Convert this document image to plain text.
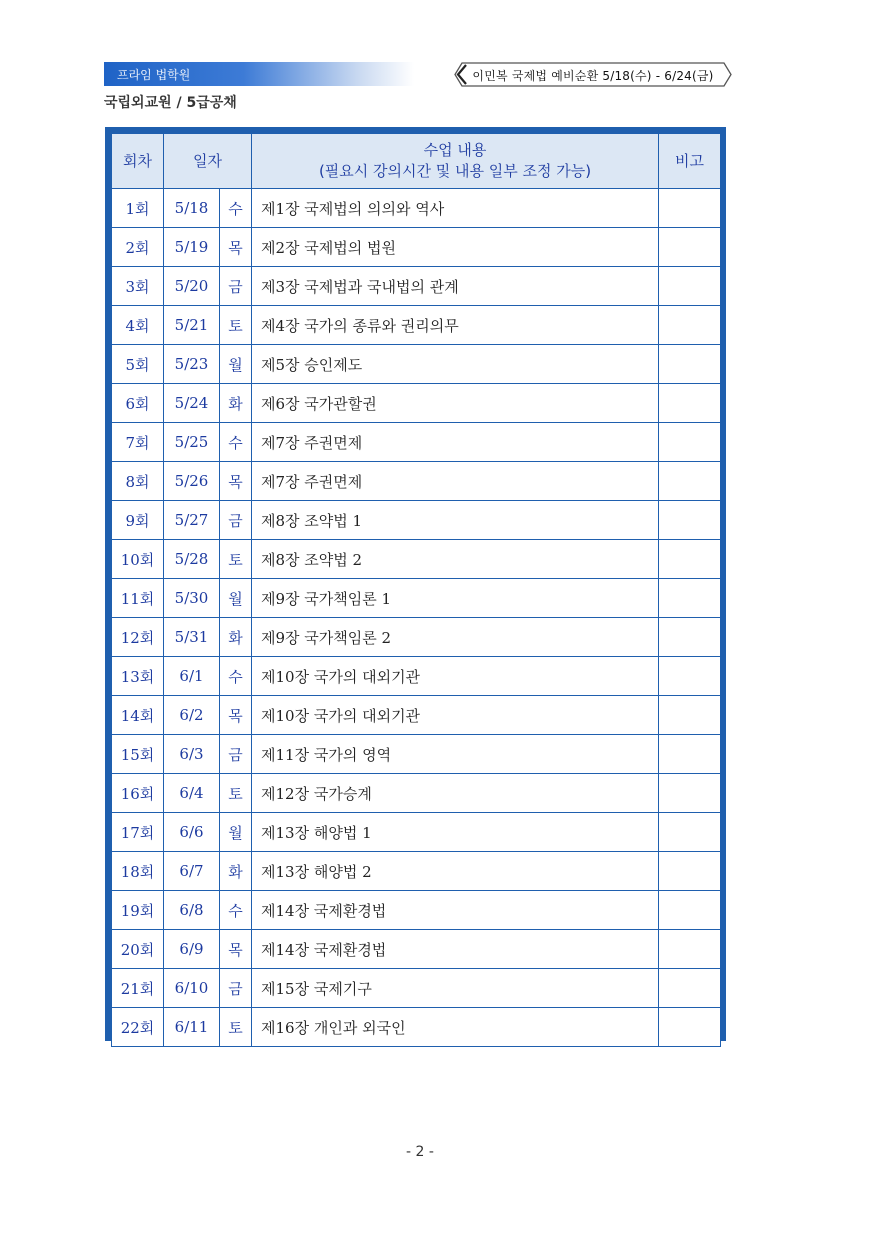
프라임 법학원	이민복 국제법 예비순환 5/18(수) - 6/24(금)
국립외교원 / 5급공채
회차	일자		수업 내용
(필요시 강의시간 및 내용 일부 조정 가능)	비고
1회	5/18	수	제1장 국제법의 의의와 역사	
2회	5/19	목	제2장 국제법의 법원	
3회	5/20	금	제3장 국제법과 국내법의 관계	
4회	5/21	토	제4장 국가의 종류와 권리의무	
5회	5/23	월	제5장 승인제도	
6회	5/24	화	제6장 국가관할권	
7회	5/25	수	제7장 주권면제	
8회	5/26	목	제7장 주권면제	
9회	5/27	금	제8장 조약법 1	
10회	5/28	토	제8장 조약법 2	
11회	5/30	월	제9장 국가책임론 1	
12회	5/31	화	제9장 국가책임론 2	
13회	6/1	수	제10장 국가의 대외기관	
14회	6/2	목	제10장 국가의 대외기관	
15회	6/3	금	제11장 국가의 영역	
16회	6/4	토	제12장 국가승계	
17회	6/6	월	제13장 해양법 1	
18회	6/7	화	제13장 해양법 2	
19회	6/8	수	제14장 국제환경법	
20회	6/9	목	제14장 국제환경법	
21회	6/10	금	제15장 국제기구	
22회	6/11	토	제16장 개인과 외국인	
- 2 -
